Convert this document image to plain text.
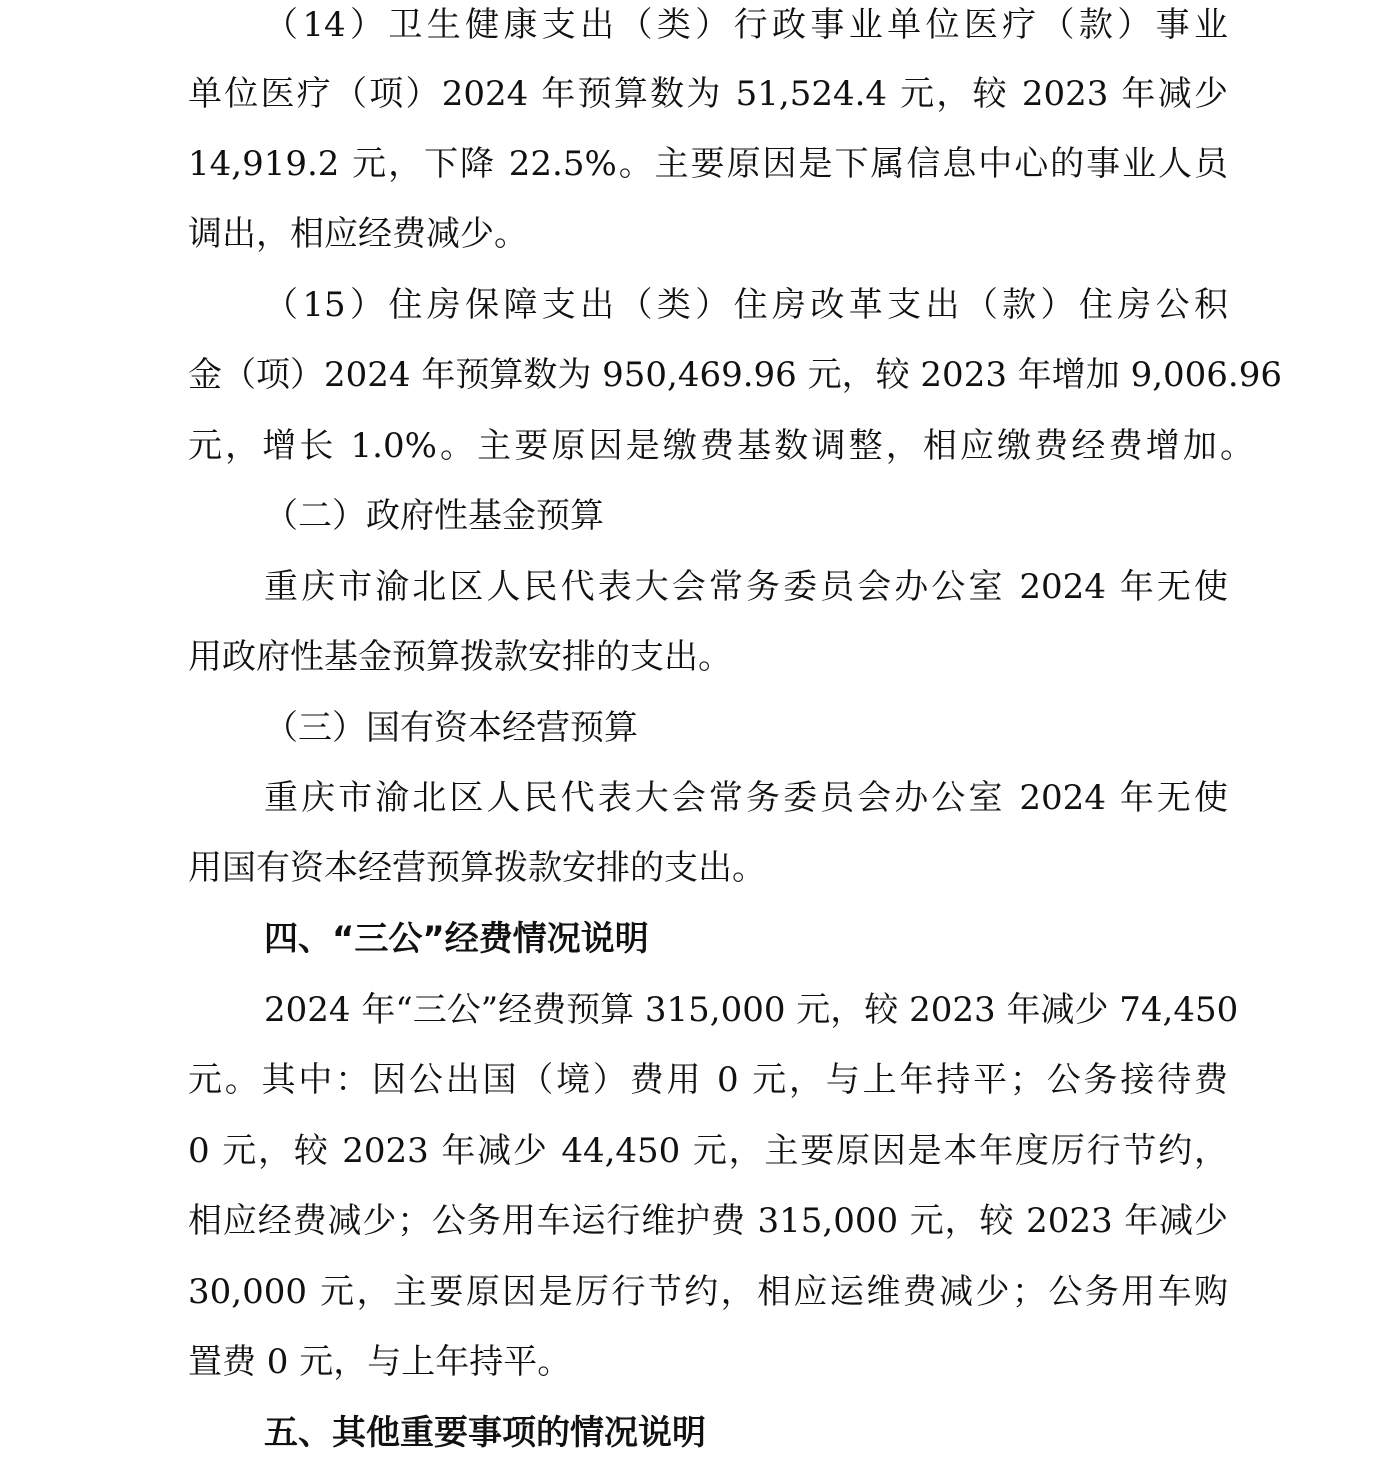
（14）卫生健康支出（类）行政事业单位医疗（款）事业
单位医疗（项）2024 年预算数为 51,524.4 元，较 2023 年减少
14,919.2 元，下降 22.5%。主要原因是下属信息中心的事业人员
调出，相应经费减少。
（15）住房保障支出（类）住房改革支出（款）住房公积
金（项）2024 年预算数为 950,469.96 元，较 2023 年增加 9,006.96
元，增长 1.0%。主要原因是缴费基数调整，相应缴费经费增加。
（二）政府性基金预算
重庆市渝北区人民代表大会常务委员会办公室 2024 年无使
用政府性基金预算拨款安排的支出。
（三）国有资本经营预算
重庆市渝北区人民代表大会常务委员会办公室 2024 年无使
用国有资本经营预算拨款安排的支出。
四、“三公”经费情况说明
2024 年“三公”经费预算 315,000 元，较 2023 年减少 74,450
元。其中：因公出国（境）费用 0 元，与上年持平；公务接待费
0 元，较 2023 年减少 44,450 元，主要原因是本年度厉行节约，
相应经费减少；公务用车运行维护费 315,000 元，较 2023 年减少
30,000 元，主要原因是厉行节约，相应运维费减少；公务用车购
置费 0 元，与上年持平。
五、其他重要事项的情况说明
